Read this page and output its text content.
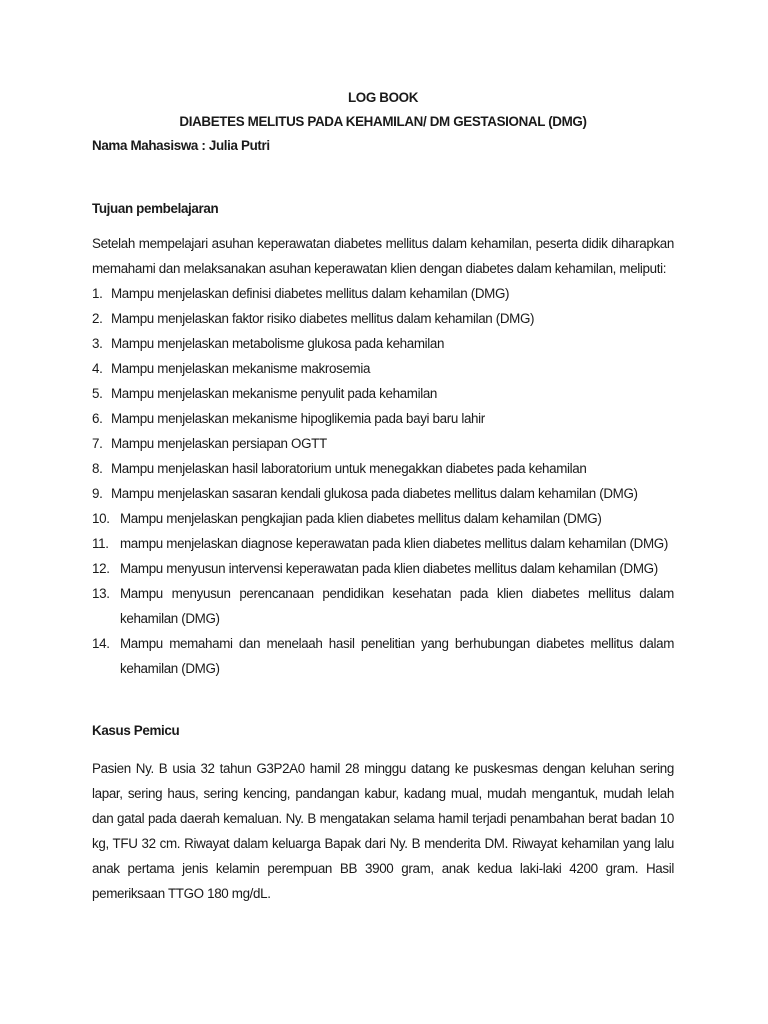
LOG BOOK
DIABETES MELITUS PADA KEHAMILAN/ DM GESTASIONAL (DMG)
Nama Mahasiswa : Julia Putri
Tujuan pembelajaran
Setelah mempelajari asuhan keperawatan diabetes mellitus dalam kehamilan, peserta didik diharapkan
memahami dan melaksanakan asuhan keperawatan klien dengan diabetes dalam kehamilan, meliputi:
1. Mampu menjelaskan definisi diabetes mellitus dalam kehamilan (DMG)
2. Mampu menjelaskan faktor risiko diabetes mellitus dalam kehamilan (DMG)
3. Mampu menjelaskan metabolisme glukosa pada kehamilan
4. Mampu menjelaskan mekanisme makrosemia
5. Mampu menjelaskan mekanisme penyulit pada kehamilan
6. Mampu menjelaskan mekanisme hipoglikemia pada bayi baru lahir
7. Mampu menjelaskan persiapan OGTT
8. Mampu menjelaskan hasil laboratorium untuk menegakkan diabetes pada kehamilan
9. Mampu menjelaskan sasaran kendali glukosa pada diabetes mellitus dalam kehamilan (DMG)
10. Mampu menjelaskan pengkajian pada klien diabetes mellitus dalam kehamilan (DMG)
11. mampu menjelaskan diagnose keperawatan pada klien diabetes mellitus dalam kehamilan (DMG)
12. Mampu menyusun intervensi keperawatan pada klien diabetes mellitus dalam kehamilan (DMG)
13. Mampu menyusun perencanaan pendidikan kesehatan pada klien diabetes mellitus dalam
kehamilan (DMG)
14. Mampu memahami dan menelaah hasil penelitian yang berhubungan diabetes mellitus dalam
kehamilan (DMG)
Kasus Pemicu
Pasien Ny. B usia 32 tahun G3P2A0 hamil 28 minggu datang ke puskesmas dengan keluhan sering
lapar, sering haus, sering kencing, pandangan kabur, kadang mual, mudah mengantuk, mudah lelah
dan gatal pada daerah kemaluan. Ny. B mengatakan selama hamil terjadi penambahan berat badan 10
kg, TFU 32 cm. Riwayat dalam keluarga Bapak dari Ny. B menderita DM. Riwayat kehamilan yang lalu
anak pertama jenis kelamin perempuan BB 3900 gram, anak kedua laki-laki 4200 gram. Hasil
pemeriksaan TTGO 180 mg/dL.
